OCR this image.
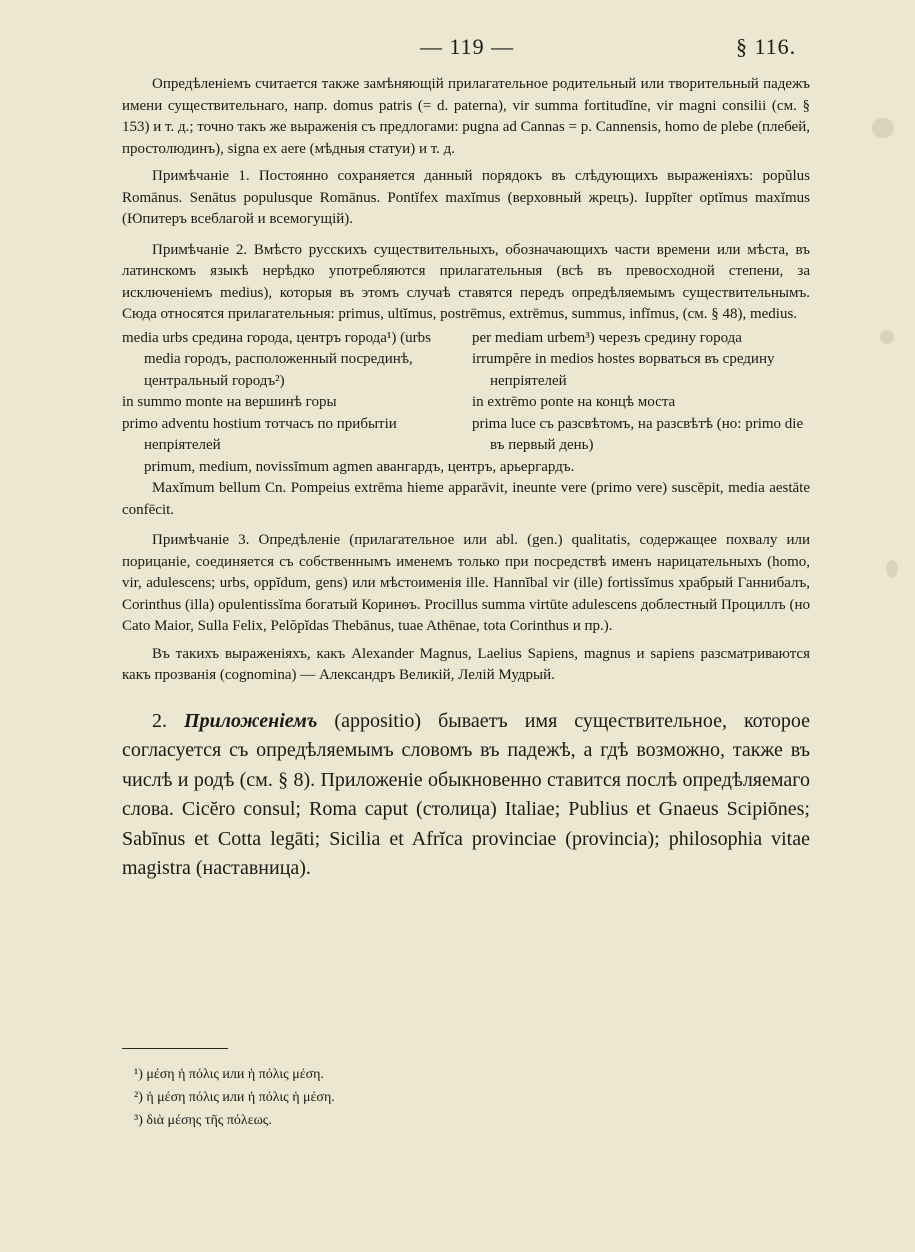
— 119 —	§ 116.

Опредѣленіемъ считается также замѣняющій прилагательное родительный или творительный падежъ имени существительнаго, напр. domus patris (= d. paterna), vir summa fortitudĭne, vir magni consilii (см. § 153) и т. д.; точно такъ же выраженія съ предлогами: pugna ad Cannas = p. Cannensis, homo de plebe (плебей, простолюдинъ), signa ex aere (мѣдныя статуи) и т. д.

Примѣчаніе 1. Постоянно сохраняется данный порядокъ въ слѣдующихъ выраженіяхъ: popŭlus Romānus. Senātus populusque Romānus. Pontĭfex maxĭmus (верховный жрецъ). Iuppĭter optĭmus maxĭmus (Юпитеръ всеблагой и всемогущій).

Примѣчаніе 2. Вмѣсто русскихъ существительныхъ, обозначающихъ части времени или мѣста, въ латинскомъ языкѣ нерѣдко употребляются прилагательныя (всѣ въ превосходной степени, за исключеніемъ medius), которыя въ этомъ случаѣ ставятся передъ опредѣляемымъ существительнымъ. Сюда относятся прилагательныя: primus, ultĭmus, postrēmus, extrēmus, summus, infĭmus, (см. § 48), medius.

media urbs средина города, центръ города¹) (urbs media городъ, расположенный посрединѣ, центральный городъ²)

in summo monte на вершинѣ горы

primo adventu hostium тотчасъ по прибытіи непріятелей

per mediam urbem³) черезъ средину города

irrumpĕre in medios hostes ворваться въ средину непріятелей

in extrēmo ponte на концѣ моста

prima luce съ разсвѣтомъ, на разсвѣтѣ (но: primo die въ первый день)

primum, medium, novissĭmum agmen авангардъ, центръ, арьергардъ.

Maxĭmum bellum Cn. Pompeius extrēma hieme apparāvit, ineunte vere (primo vere) suscēpit, media aestāte confēcit.

Примѣчаніе 3. Опредѣленіе (прилагательное или abl. (gen.) qualitatis, содержащее похвалу или порицаніе, соединяется съ собственнымъ именемъ только при посредствѣ именъ нарицательныхъ (homo, vir, adulescens; urbs, oppĭdum, gens) или мѣстоименія ille. Hannĭbal vir (ille) fortissĭmus храбрый Ганнибалъ, Corinthus (illa) opulentissĭma богатый Коринѳъ. Procillus summa virtūte adulescens доблестный Проциллъ (но Cato Maior, Sulla Felix, Pelŏpĭdas Thebānus, tuae Athēnae, tota Corinthus и пр.).

Въ такихъ выраженіяхъ, какъ Alexander Magnus, Laelius Sapiens, magnus и sapiens разсматриваются какъ прозванія (cognomina) — Александръ Великій, Лелій Мудрый.

2. Приложеніемъ (appositio) бываетъ имя существительное, которое согласуется съ опредѣляемымъ словомъ въ падежѣ, а гдѣ возможно, также въ числѣ и родѣ (см. § 8). Приложеніе обыкновенно ставится послѣ опредѣляемаго слова. Cicĕro consul; Roma caput (столица) Italiae; Publius et Gnaeus Scipiōnes; Sabīnus et Cotta legāti; Sicilia et Afrĭca provinciae (provincia); philosophia vitae magistra (наставница).

¹) μέση ἡ πόλις или ἡ πόλις μέση.

²) ἡ μέση πόλις или ἡ πόλις ἡ μέση.

³) διὰ μέσης τῆς πόλεως.
